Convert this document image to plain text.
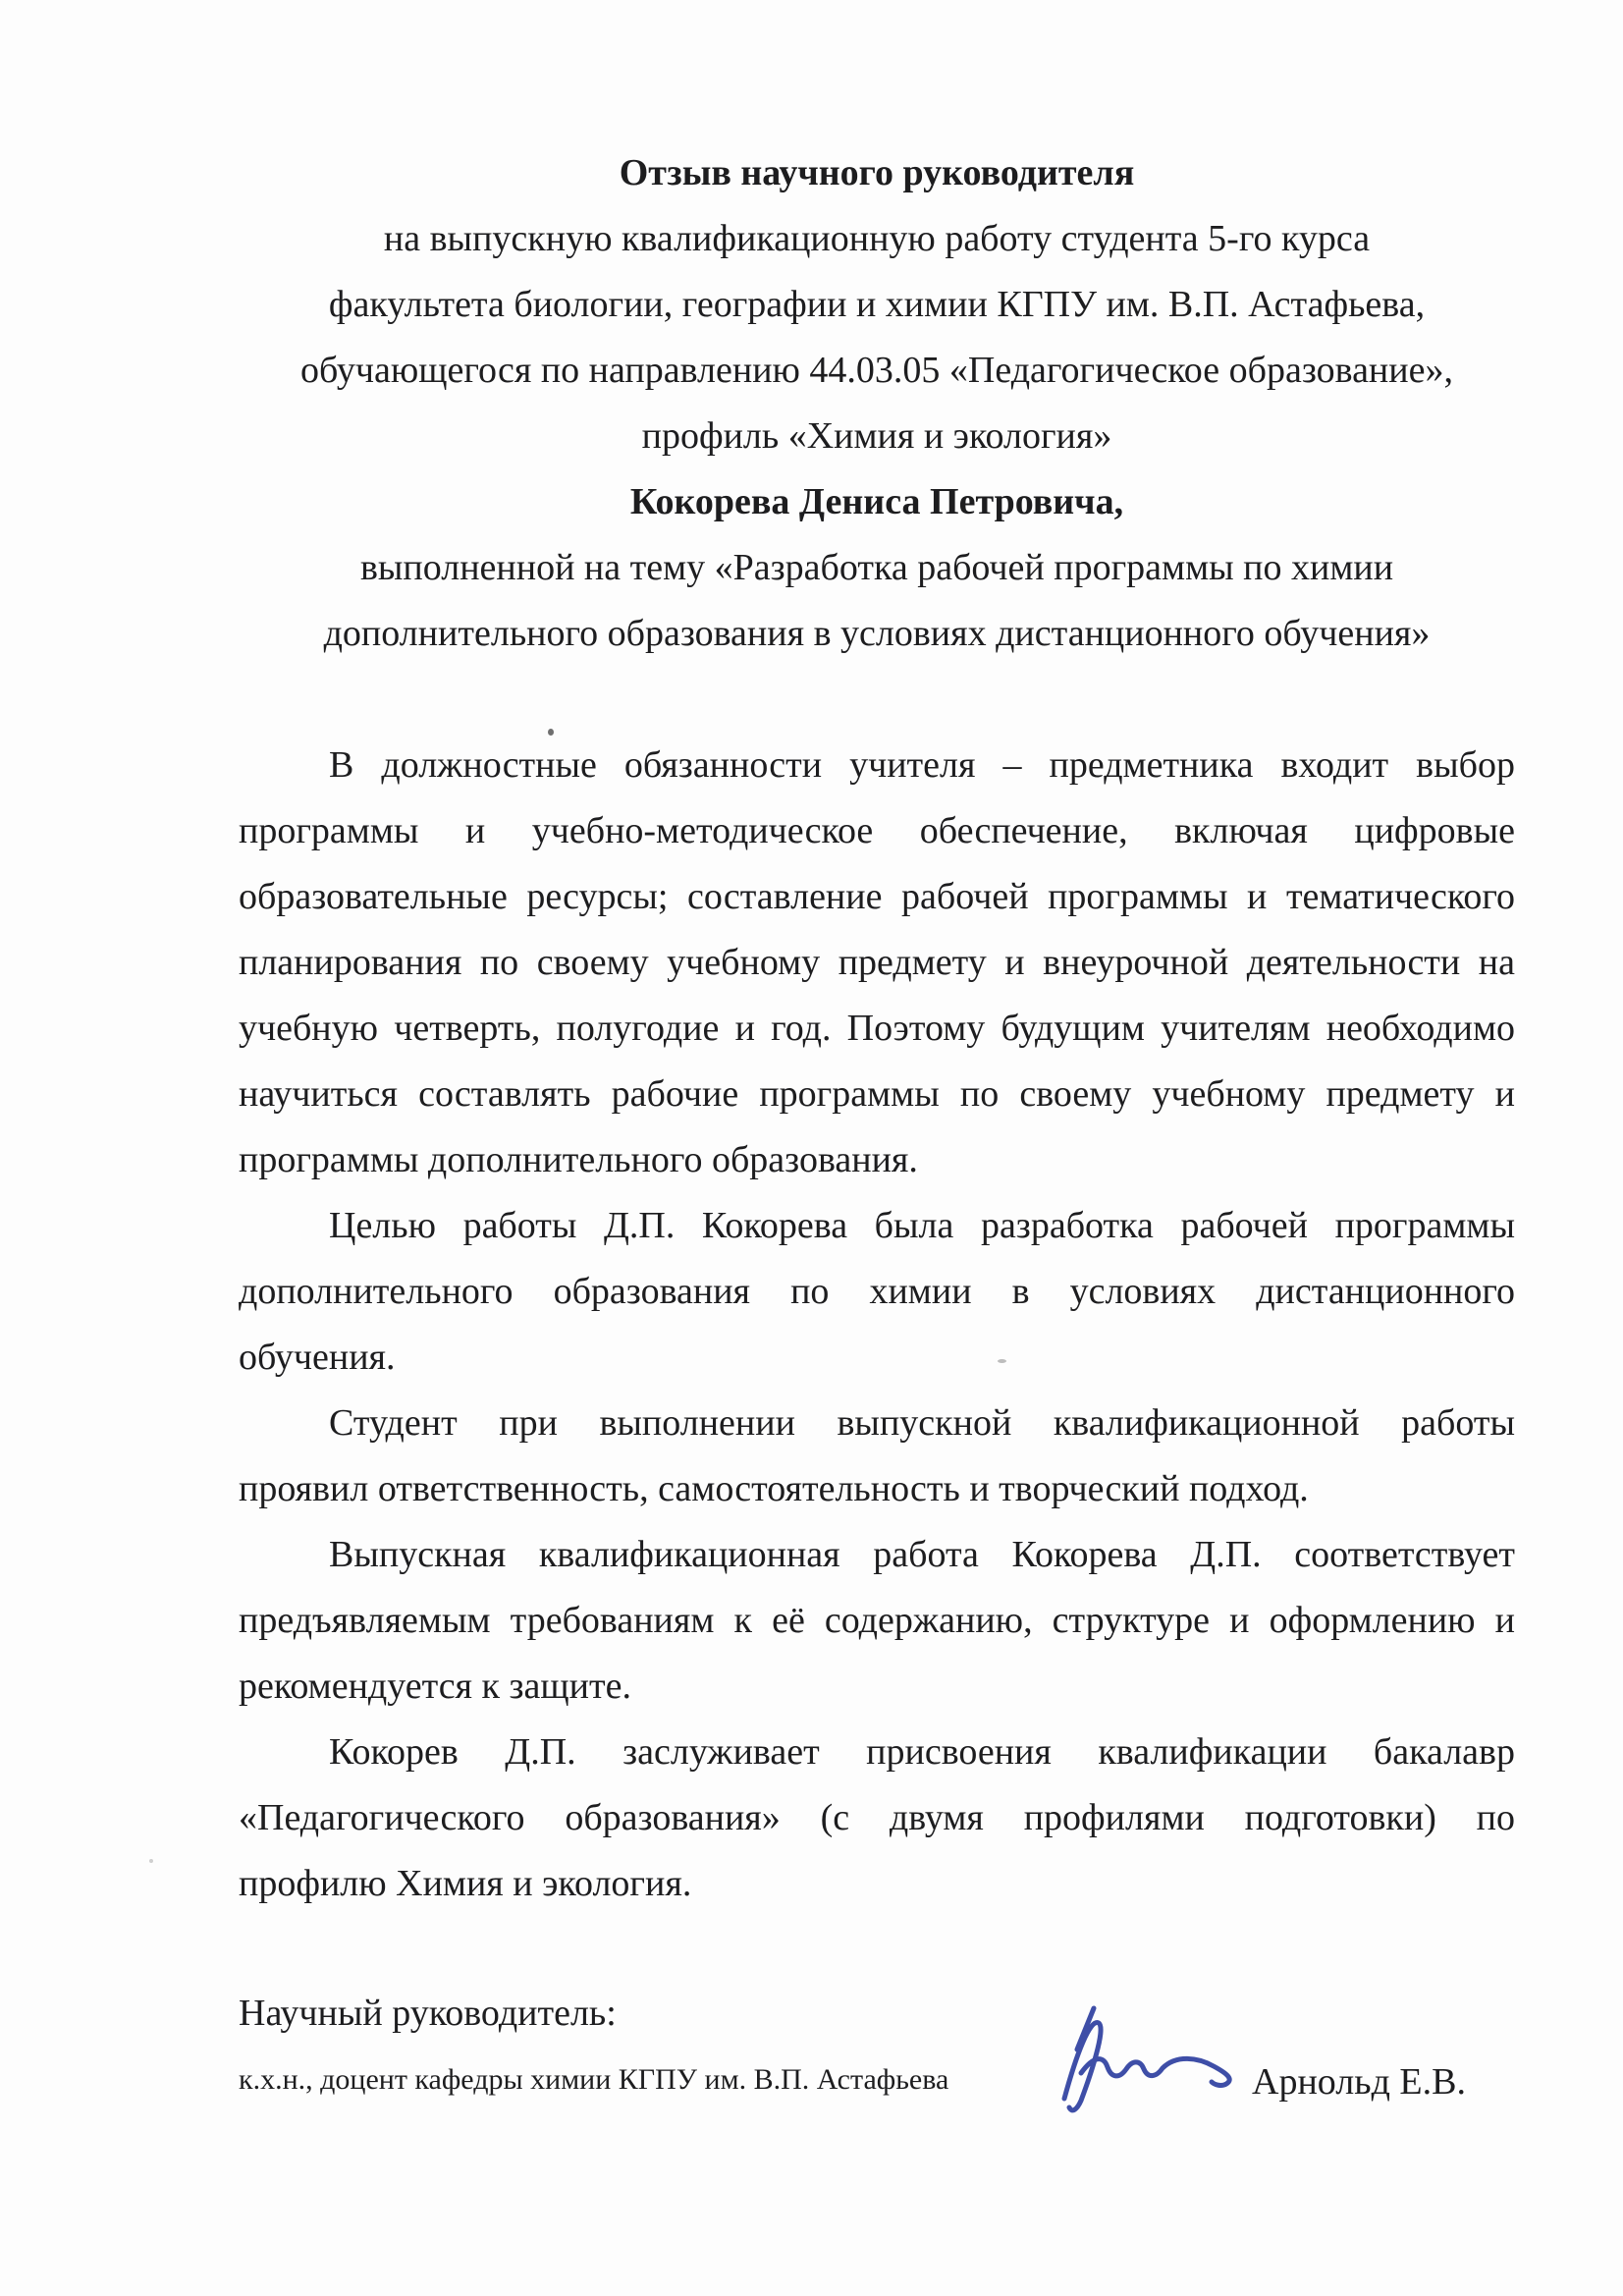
Отзыв научного руководителя
на выпускную квалификационную работу студента 5-го курса
факультета биологии, географии и химии КГПУ им. В.П. Астафьева,
обучающегося по направлению 44.03.05 «Педагогическое образование»,
профиль «Химия и экология»
Кокорева Дениса Петровича,
выполненной на тему «Разработка рабочей программы по химии
дополнительного образования в условиях дистанционного обучения»
В должностные обязанности учителя – предметника входит выбор
программы и учебно-методическое обеспечение, включая цифровые
образовательные ресурсы; составление рабочей программы и тематического
планирования по своему учебному предмету и внеурочной деятельности на
учебную четверть, полугодие и год. Поэтому будущим учителям необходимо
научиться составлять рабочие программы по своему учебному предмету и
программы дополнительного образования.
Целью работы Д.П. Кокорева была разработка рабочей программы
дополнительного образования по химии в условиях дистанционного
обучения.
Студент при выполнении выпускной квалификационной работы
проявил ответственность, самостоятельность и творческий подход.
Выпускная квалификационная работа Кокорева Д.П. соответствует
предъявляемым требованиям к её содержанию, структуре и оформлению и
рекомендуется к защите.
Кокорев Д.П. заслуживает присвоения квалификации бакалавр
«Педагогического образования» (с двумя профилями подготовки) по
профилю Химия и экология.
Научный руководитель:
к.х.н., доцент кафедры химии КГПУ им. В.П. Астафьева	Арнольд Е.В.
